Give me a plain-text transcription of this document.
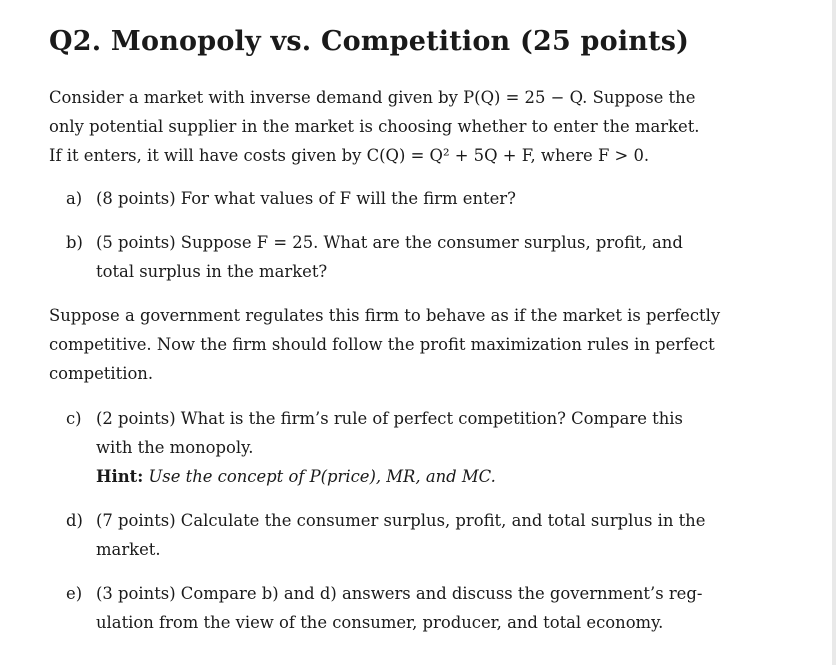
Q2. Monopoly vs. Competition (25 points)
Consider a market with inverse demand given by P(Q) = 25 − Q. Suppose the
only potential supplier in the market is choosing whether to enter the market.
If it enters, it will have costs given by C(Q) = Q² + 5Q + F, where F > 0.
a) (8 points) For what values of F will the firm enter?
b) (5 points) Suppose F = 25. What are the consumer surplus, profit, and
total surplus in the market?
Suppose a government regulates this firm to behave as if the market is perfectly
competitive. Now the firm should follow the profit maximization rules in perfect
competition.
c) (2 points) What is the firm’s rule of perfect competition? Compare this
with the monopoly.
Hint: Use the concept of P(price), MR, and MC.
d) (7 points) Calculate the consumer surplus, profit, and total surplus in the
market.
e) (3 points) Compare b) and d) answers and discuss the government’s reg-
ulation from the view of the consumer, producer, and total economy.
